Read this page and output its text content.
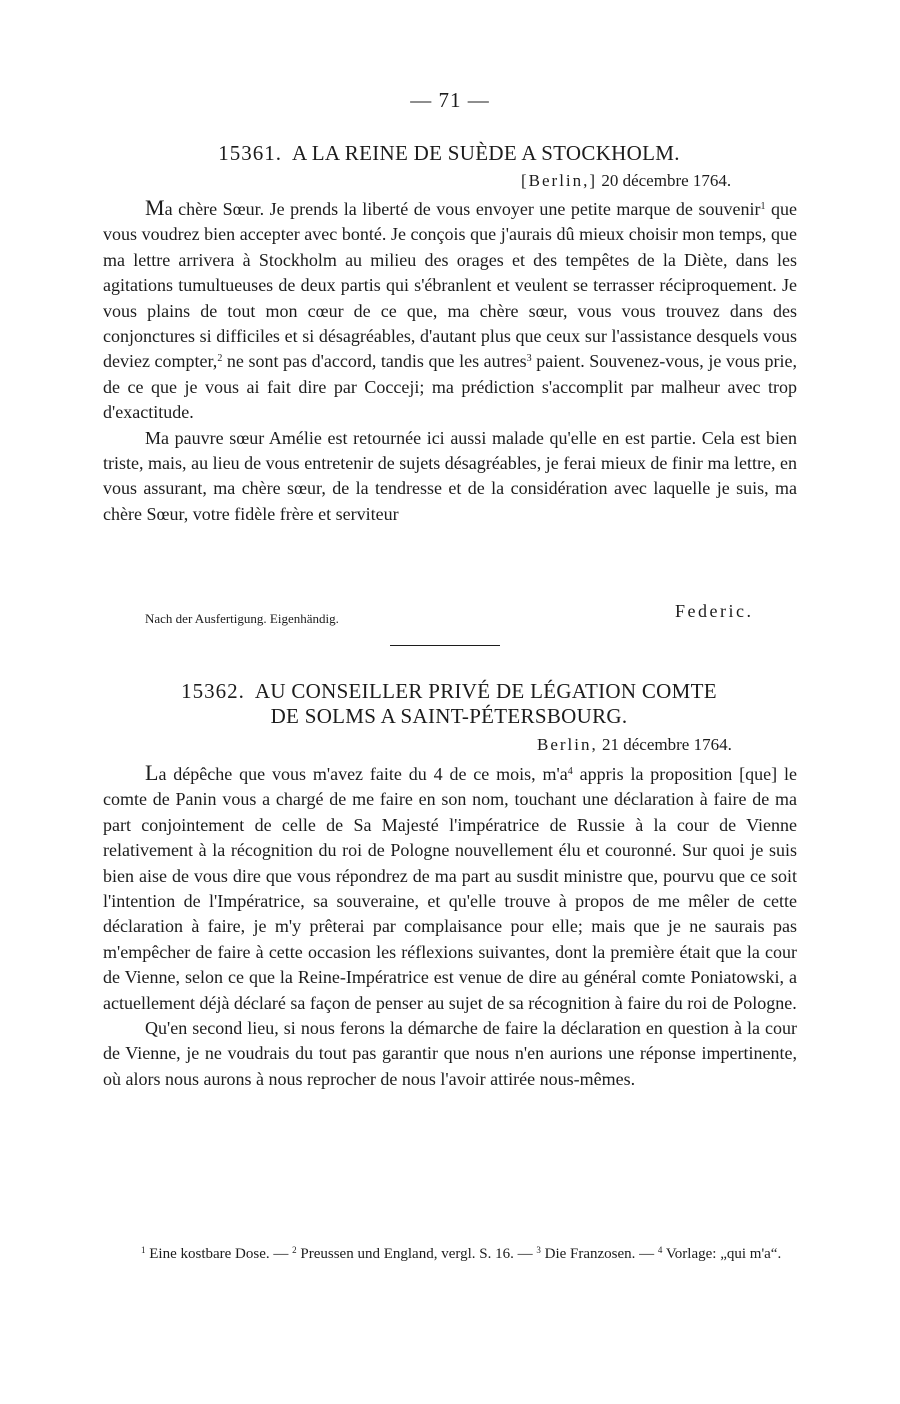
— 71 —
15361. A LA REINE DE SUÈDE A STOCKHOLM.
[Berlin,] 20 décembre 1764.

Ma chère Sœur. Je prends la liberté de vous envoyer une petite marque de souvenir$^1$ que vous voudrez bien accepter avec bonté. Je conçois que j'aurais dû mieux choisir mon temps, que ma lettre arrivera à Stockholm au milieu des orages et des tempêtes de la Diète, dans les agitations tumultueuses de deux partis qui s'ébranlent et veulent se terrasser réciproquement. Je vous plains de tout mon cœur de ce que, ma chère sœur, vous vous trouvez dans des conjonctures si difficiles et si désagréables, d'autant plus que ceux sur l'assistance desquels vous deviez compter,$^2$ ne sont pas d'accord, tandis que les autres$^3$ paient. Souvenez-vous, je vous prie, de ce que je vous ai fait dire par Cocceji; ma prédiction s'accomplit par malheur avec trop d'exactitude.

Ma pauvre sœur Amélie est retournée ici aussi malade qu'elle en est partie. Cela est bien triste, mais, au lieu de vous entretenir de sujets désagréables, je ferai mieux de finir ma lettre, en vous assurant, ma chère sœur, de la tendresse et de la considération avec laquelle je suis, ma chère Sœur, votre fidèle frère et serviteur

Nach der Ausfertigung. Eigenhändig.	Federic.
15362. AU CONSEILLER PRIVÉ DE LÉGATION COMTE
DE SOLMS A SAINT-PÉTERSBOURG.
Berlin, 21 décembre 1764.

La dépêche que vous m'avez faite du 4 de ce mois, $m'a^4$ appris la proposition [que] le comte de Panin vous a chargé de me faire en son nom, touchant une déclaration à faire de ma part conjointement de celle de Sa Majesté l'impératrice de Russie à la cour de Vienne relativement à la récognition du roi de Pologne nouvellement élu et couronné. Sur quoi je suis bien aise de vous dire que vous répondrez de ma part au susdit ministre que, pourvu que ce soit l'intention de l'Impératrice, sa souveraine, et qu'elle trouve à propos de me mêler de cette déclaration à faire, je m'y prêterai par complaisance pour elle; mais que je ne saurais pas m'empêcher de faire à cette occasion les réflexions suivantes, dont la première était que la cour de Vienne, selon ce que la Reine-Impératrice est venue de dire au général comte Poniatowski, a actuellement déjà déclaré sa façon de penser au sujet de sa récognition à faire du roi de Pologne.

Qu'en second lieu, si nous ferons la démarche de faire la déclaration en question à la cour de Vienne, je ne voudrais du tout pas garantir que nous n'en aurions une réponse impertinente, où alors nous aurons à nous reprocher de nous l'avoir attirée nous-mêmes.

$^1$ Eine kostbare Dose. — $^2$ Preussen und England, vergl. S. 16. — $^3$ Die Franzosen. — $^4$ Vorlage: „qui m'a“.
